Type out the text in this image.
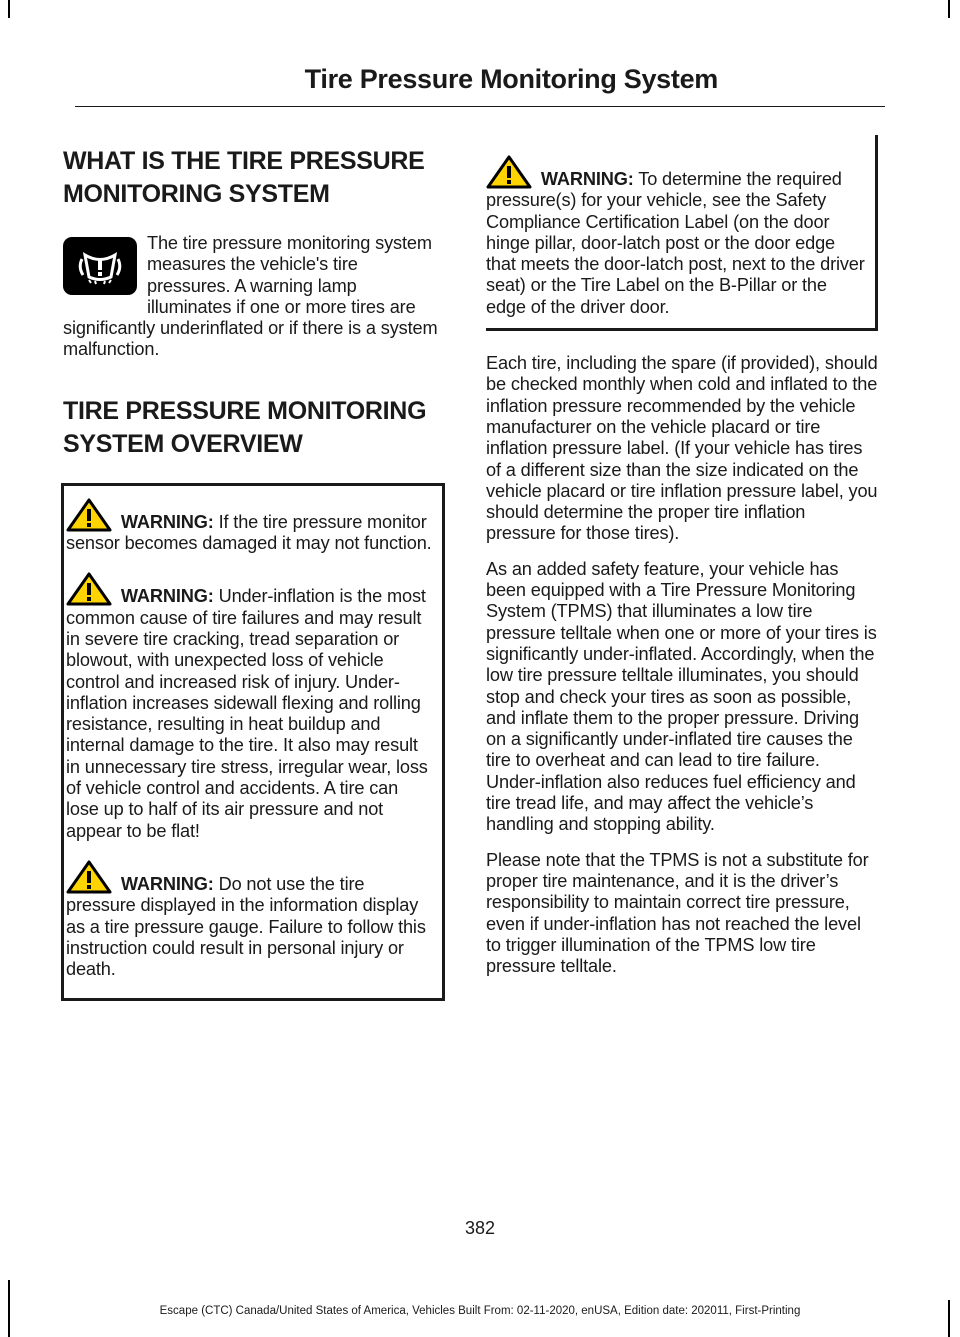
Tire Pressure Monitoring System
WHAT IS THE TIRE PRESSURE MONITORING SYSTEM

The tire pressure monitoring system measures the vehicle's tire pressures. A warning lamp illuminates if one or more tires are significantly underinflated or if there is a system malfunction.

TIRE PRESSURE MONITORING SYSTEM OVERVIEW

WARNING: If the tire pressure monitor sensor becomes damaged it may not function.

WARNING: Under-inflation is the most common cause of tire failures and may result in severe tire cracking, tread separation or blowout, with unexpected loss of vehicle control and increased risk of injury. Under-inflation increases sidewall flexing and rolling resistance, resulting in heat buildup and internal damage to the tire. It also may result in unnecessary tire stress, irregular wear, loss of vehicle control and accidents. A tire can lose up to half of its air pressure and not appear to be flat!

WARNING: Do not use the tire pressure displayed in the information display as a tire pressure gauge. Failure to follow this instruction could result in personal injury or death.

WARNING: To determine the required pressure(s) for your vehicle, see the Safety Compliance Certification Label (on the door hinge pillar, door-latch post or the door edge that meets the door-latch post, next to the driver seat) or the Tire Label on the B-Pillar or the edge of the driver door.

Each tire, including the spare (if provided), should be checked monthly when cold and inflated to the inflation pressure recommended by the vehicle manufacturer on the vehicle placard or tire inflation pressure label. (If your vehicle has tires of a different size than the size indicated on the vehicle placard or tire inflation pressure label, you should determine the proper tire inflation pressure for those tires).

As an added safety feature, your vehicle has been equipped with a Tire Pressure Monitoring System (TPMS) that illuminates a low tire pressure telltale when one or more of your tires is significantly under-inflated. Accordingly, when the low tire pressure telltale illuminates, you should stop and check your tires as soon as possible, and inflate them to the proper pressure. Driving on a significantly under-inflated tire causes the tire to overheat and can lead to tire failure. Under-inflation also reduces fuel efficiency and tire tread life, and may affect the vehicle’s handling and stopping ability.

Please note that the TPMS is not a substitute for proper tire maintenance, and it is the driver’s responsibility to maintain correct tire pressure, even if under-inflation has not reached the level to trigger illumination of the TPMS low tire pressure telltale.

382
Escape (CTC) Canada/United States of America, Vehicles Built From: 02-11-2020, enUSA, Edition date: 202011, First-Printing
